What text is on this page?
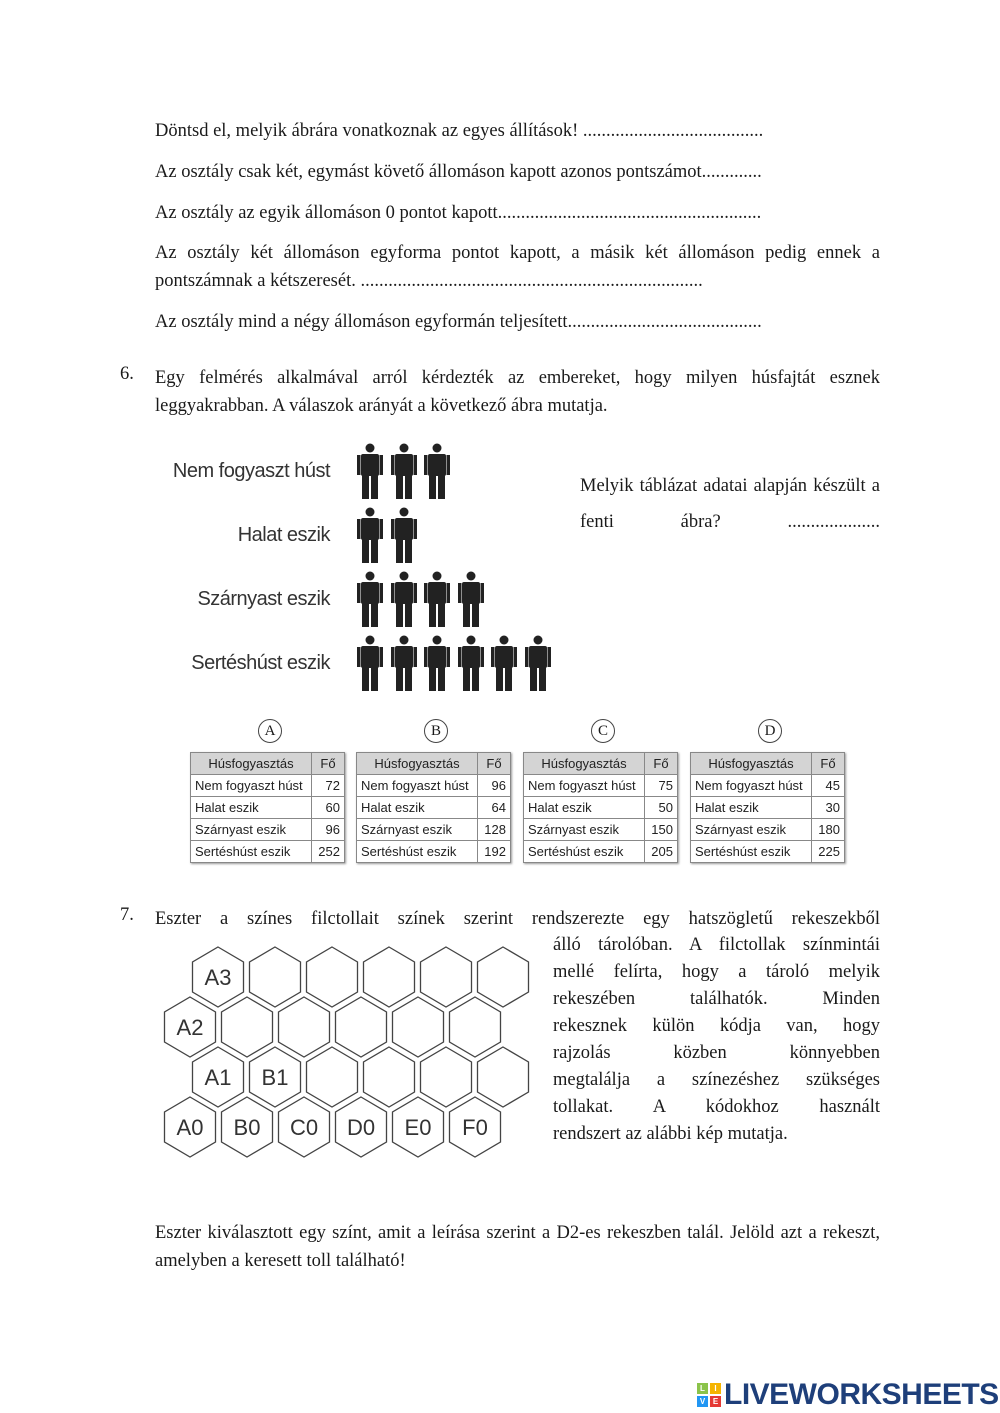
Döntsd el, melyik ábrára vonatkoznak az egyes állítások! .......................................
Az osztály csak két, egymást követő állomáson kapott azonos pontszámot.............
Az osztály az egyik állomáson 0 pontot kapott.........................................................
Az osztály két állomáson egyforma pontot kapott, a másik két állomáson pedig ennek a pontszámnak a kétszeresét. ..........................................................................
Az osztály mind a négy állomáson egyformán teljesített..........................................
6. Egy felmérés alkalmával arról kérdezték az embereket, hogy milyen húsfajtát esznek leggyakrabban. A válaszok arányát a következő ábra mutatja.
Nem fogyaszt húst
Halat eszik
Szárnyast eszik
Sertéshúst eszik
Melyik táblázat adatai alapján készült a fenti ábra? ....................
A
Húsfogyasztás	Fő
Nem fogyaszt húst	72
Halat eszik	60
Szárnyast eszik	96
Sertéshúst eszik	252
B
Húsfogyasztás	Fő
Nem fogyaszt húst	96
Halat eszik	64
Szárnyast eszik	128
Sertéshúst eszik	192
C
Húsfogyasztás	Fő
Nem fogyaszt húst	75
Halat eszik	50
Szárnyast eszik	150
Sertéshúst eszik	205
D
Húsfogyasztás	Fő
Nem fogyaszt húst	45
Halat eszik	30
Szárnyast eszik	180
Sertéshúst eszik	225
7. Eszter a színes filctollait színek szerint rendszerezte egy hatszögletű rekeszekből
álló tárolóban. A filctollak színmintái
mellé felírta, hogy a tároló melyik
rekeszében találhatók. Minden
rekesznek külön kódja van, hogy
rajzolás közben könnyebben
megtalálja a színezéshez szükséges
tollakat. A kódokhoz használt
rendszert az alábbi kép mutatja.
A3
A2
A1 B1
A0 B0 C0 D0 E0 F0
Eszter kiválasztott egy színt, amit a leírása szerint a D2-es rekeszben talál. Jelöld azt a rekeszt, amelyben a keresett toll található!
L	I
V E LIVEWORKSHEETS
